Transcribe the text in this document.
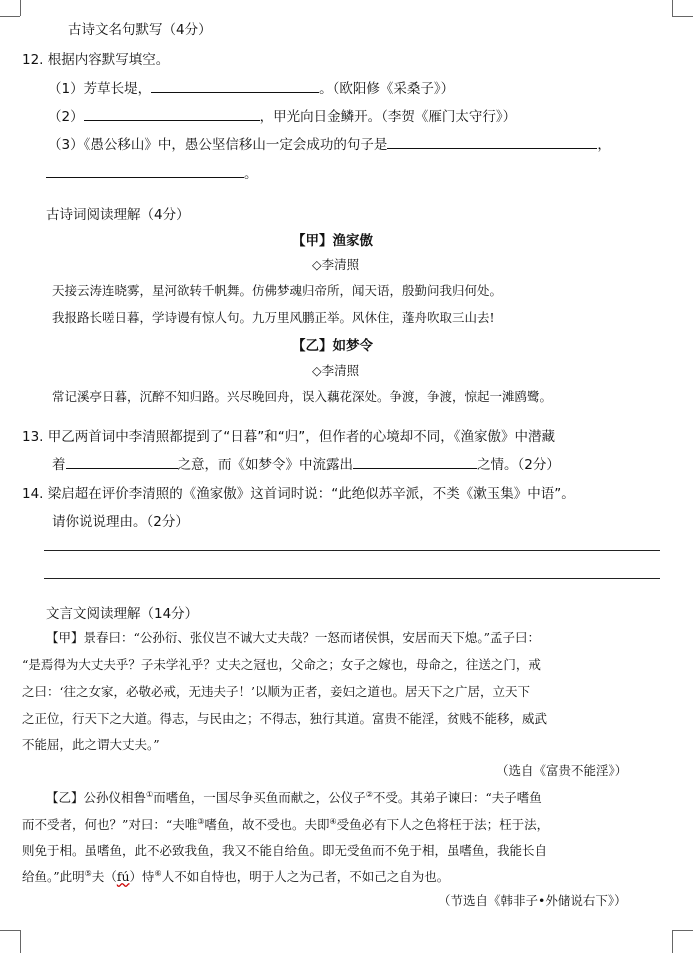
古诗文名句默写（4分）
12. 根据内容默写填空。
（1）芳草长堤，	。（欧阳修《采桑子》）
（2）	，甲光向日金鳞开。（李贺《雁门太守行》）
（3）《愚公移山》中，愚公坚信移山一定会成功的句子是	，
。
古诗词阅读理解（4分）
【甲】渔家傲
◇李清照
天接云涛连晓雾，星河欲转千帆舞。仿佛梦魂归帝所，闻天语，殷勤问我归何处。
我报路长嗟日暮，学诗谩有惊人句。九万里风鹏正举。风休住，蓬舟吹取三山去!
【乙】如梦令
◇李清照
常记溪亭日暮，沉醉不知归路。兴尽晚回舟，误入藕花深处。争渡，争渡，惊起一滩鸥鹭。
13. 甲乙两首词中李清照都提到了“日暮”和“归”，但作者的心境却不同，《渔家傲》中潜藏
着	之意，而《如梦令》中流露出	之情。（2分）
14. 梁启超在评价李清照的《渔家傲》这首词时说：“此绝似苏辛派，不类《漱玉集》中语”。
请你说说理由。（2分）
文言文阅读理解（14分）
【甲】景春曰：“公孙衍、张仪岂不诚大丈夫哉？一怒而诸侯惧，安居而天下熄。”孟子曰：
“是焉得为大丈夫乎？子未学礼乎？丈夫之冠也，父命之；女子之嫁也，母命之，往送之门，戒
之曰：‘往之女家，必敬必戒，无违夫子！’以顺为正者，妾妇之道也。居天下之广居，立天下
之正位，行天下之大道。得志，与民由之；不得志，独行其道。富贵不能淫，贫贱不能移，威武
不能屈，此之谓大丈夫。”
（选自《富贵不能淫》）
【乙】公孙仪相鲁①而嗜鱼，一国尽争买鱼而献之，公仪子②不受。其弟子谏曰：“夫子嗜鱼
而不受者，何也？”对曰：“夫唯③嗜鱼，故不受也。夫即④受鱼必有下人之色将枉于法；枉于法，
则免于相。虽嗜鱼，此不必致我鱼，我又不能自给鱼。即无受鱼而不免于相，虽嗜鱼，我能长自
给鱼。”此明⑤夫（fú）恃⑥人不如自恃也，明于人之为己者，不如己之自为也。
（节选自《韩非子•外储说右下》）
